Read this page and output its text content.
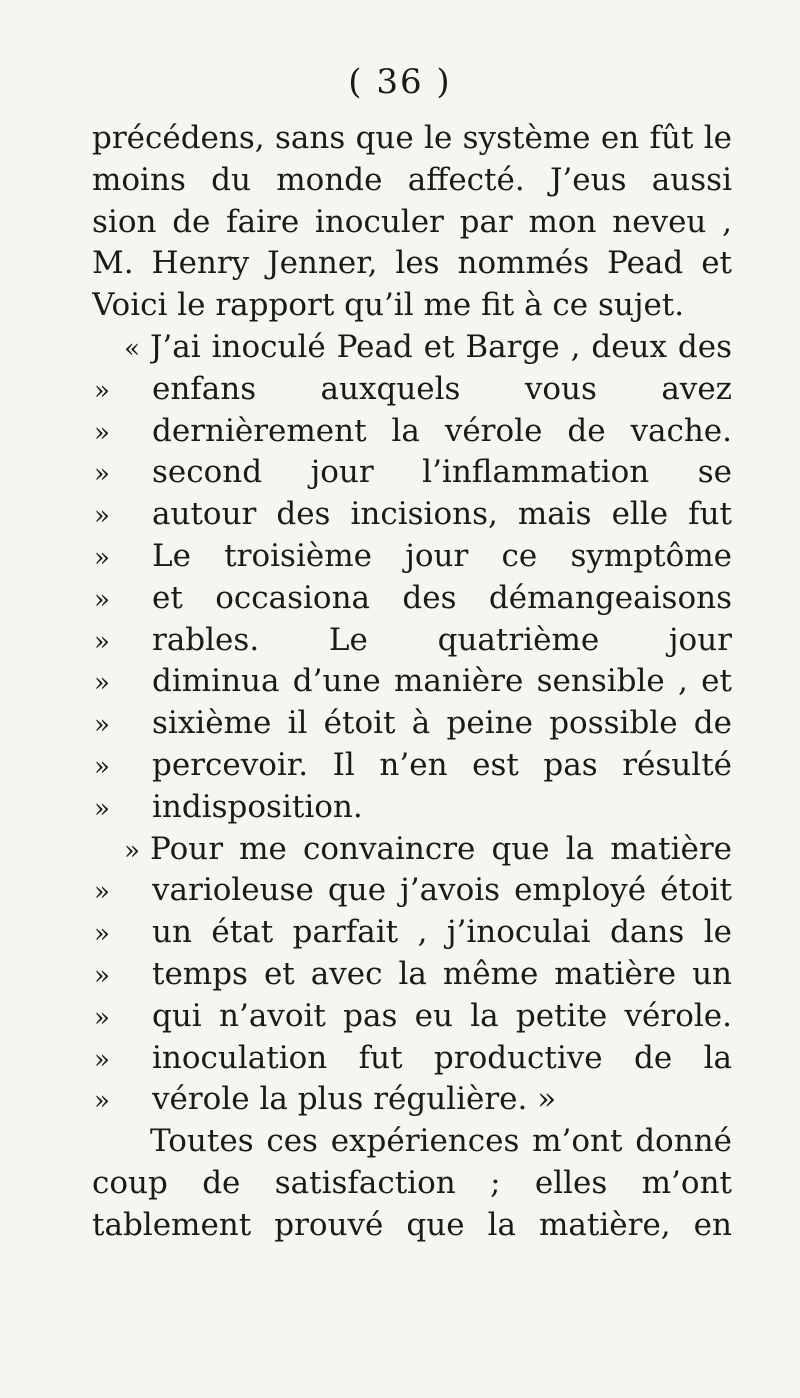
( 36 )
précédens, sans que le système en fût le
moins du monde affecté. J’eus aussi
sion de faire inoculer par mon neveu ,
M. Henry Jenner, les nommés Pead et
Voici le rapport qu’il me fit à ce sujet.
« J’ai inoculé Pead et Barge , deux des
»	enfans auxquels vous avez
»	dernièrement la vérole de vache.
»	second jour l’inflammation se
»	autour des incisions, mais elle fut
»	Le troisième jour ce symptôme
»	et occasiona des démangeaisons
»	rables. Le quatrième jour
»	diminua d’une manière sensible , et
»	sixième il étoit à peine possible de
»	percevoir. Il n’en est pas résulté
»	indisposition.
» Pour me convaincre que la matière
»	varioleuse que j’avois employé étoit
»	un état parfait , j’inoculai dans le
»	temps et avec la même matière un
»	qui n’avoit pas eu la petite vérole.
»	inoculation fut productive de la
»	vérole la plus régulière. »
Toutes ces expériences m’ont donné
coup de satisfaction ; elles m’ont
tablement prouvé que la matière, en
